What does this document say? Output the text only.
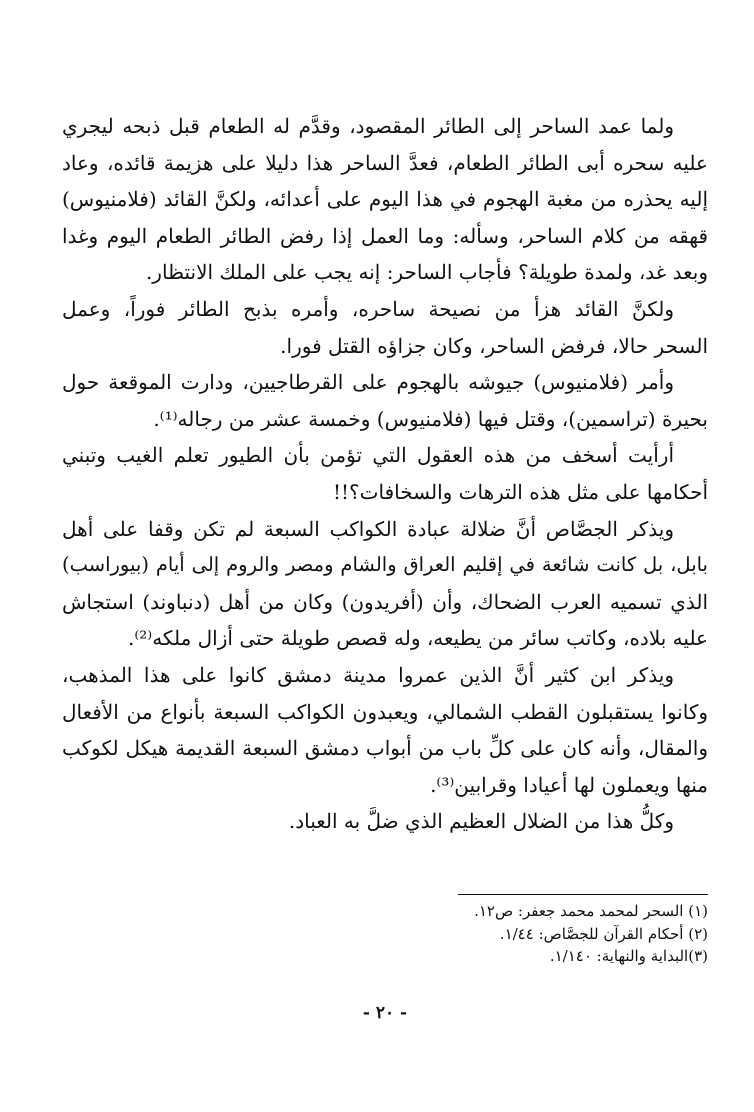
ولما عمد الساحر إلى الطائر المقصود، وقدَّم له الطعام قبل ذبحه ليجري
عليه سحره أبى الطائر الطعام، فعدَّ الساحر هذا دليلا على هزيمة قائده، وعاد
إليه يحذره من مغبة الهجوم في هذا اليوم على أعدائه، ولكنَّ القائد (فلامنيوس)
قهقه من كلام الساحر، وسأله: وما العمل إذا رفض الطائر الطعام اليوم وغدا
وبعد غد، ولمدة طويلة؟ فأجاب الساحر: إنه يجب على الملك الانتظار.
ولكنَّ القائد هزأ من نصيحة ساحره، وأمره بذبح الطائر فوراً، وعمل
السحر حالا، فرفض الساحر، وكان جزاؤه القتل فورا.
وأمر (فلامنيوس) جيوشه بالهجوم على القرطاجيين، ودارت الموقعة حول
بحيرة (تراسمين)، وقتل فيها (فلامنيوس) وخمسة عشر من رجاله⁽¹⁾.
أرأيت أسخف من هذه العقول التي تؤمن بأن الطيور تعلم الغيب وتبني
أحكامها على مثل هذه الترهات والسخافات؟!!
ويذكر الجصَّاص أنَّ ضلالة عبادة الكواكب السبعة لم تكن وقفا على أهل
بابل، بل كانت شائعة في إقليم العراق والشام ومصر والروم إلى أيام (بيوراسب)
الذي تسميه العرب الضحاك، وأن (أفريدون) وكان من أهل (دنباوند) استجاش
عليه بلاده، وكاتب سائر من يطيعه، وله قصص طويلة حتى أزال ملكه⁽²⁾.
ويذكر ابن كثير أنَّ الذين عمروا مدينة دمشق كانوا على هذا المذهب،
وكانوا يستقبلون القطب الشمالي، ويعبدون الكواكب السبعة بأنواع من الأفعال
والمقال، وأنه كان على كلِّ باب من أبواب دمشق السبعة القديمة هيكل لكوكب
منها ويعملون لها أعيادا وقرابين⁽³⁾.
وكلُّ هذا من الضلال العظيم الذي ضلَّ به العباد.
(١) السحر لمحمد محمد جعفر: ص١٢.
(٢) أحكام القرآن للجصَّاص: ١/٤٤.
(٣)البداية والنهاية: ١/١٤٠.
- ٢٠ -
